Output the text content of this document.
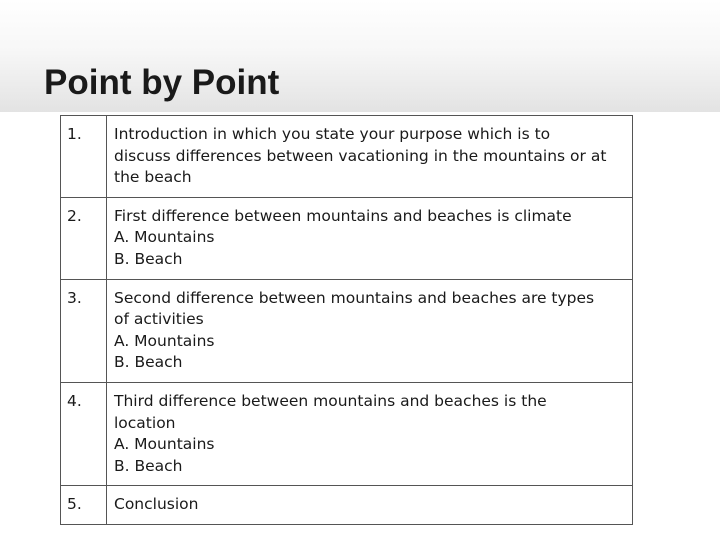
Point by Point
1.	Introduction in which you state your purpose which is to
discuss differences between vacationing in the mountains or at
the beach

2.	First difference between mountains and beaches is climate
A. Mountains
B. Beach

3.	Second difference between mountains and beaches are types
of activities
A. Mountains
B. Beach

4.	Third difference between mountains and beaches is the
location
A. Mountains
B. Beach

5.	Conclusion
